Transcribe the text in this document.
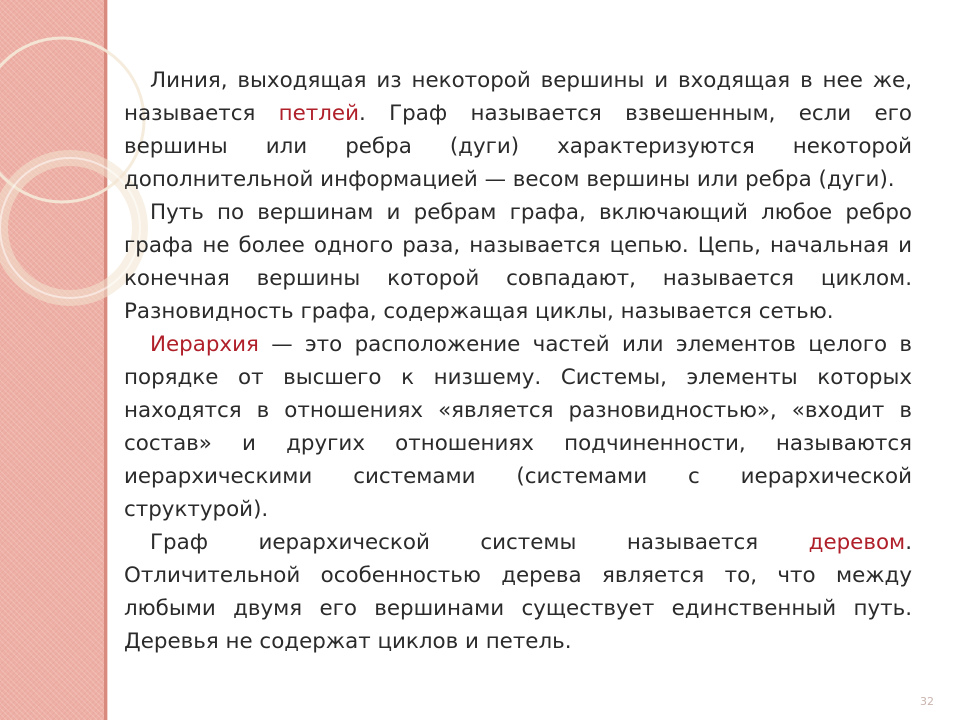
Линия, выходящая из некоторой вершины и входящая в нее же, называется петлей. Граф называется взвешенным, если его вершины или ребра (дуги) характеризуются некоторой дополнительной информацией — весом вершины или ребра (дуги).

Путь по вершинам и ребрам графа, включающий любое ребро графа не более одного раза, называется цепью. Цепь, начальная и конечная вершины которой совпадают, называется циклом. Разновидность графа, содержащая циклы, называется сетью.

Иерархия — это расположение частей или элементов целого в порядке от высшего к низшему. Системы, элементы которых находятся в отношениях «является разновидностью», «входит в состав» и других отношениях подчиненности, называются иерархическими системами (системами с иерархической структурой).

Граф иерархической системы называется деревом. Отличительной особенностью дерева является то, что между любыми двумя его вершинами существует единственный путь. Деревья не содержат циклов и петель.

32
